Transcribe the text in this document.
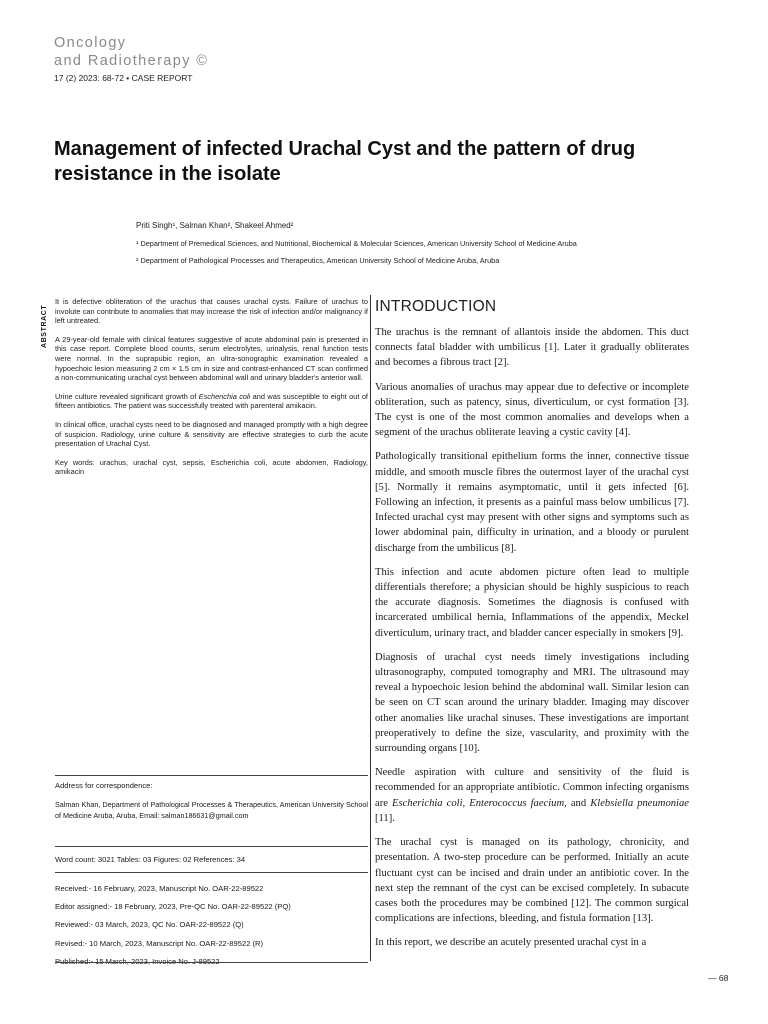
Oncology
and Radiotherapy ©
17 (2) 2023: 68-72 • CASE REPORT
Management of infected Urachal Cyst and the pattern of drug resistance in the isolate
Priti Singh¹, Salman Khan², Shakeel Ahmed²
¹ Department of Premedical Sciences, and Nutritional, Biochemical & Molecular Sciences, American University School of Medicine Aruba
² Department of Pathological Processes and Therapeutics, American University School of Medicine Aruba, Aruba
ABSTRACT

It is defective obliteration of the urachus that causes urachal cysts. Failure of urachus to involute can contribute to anomalies that may increase the risk of infection and/or malignancy if left untreated.

A 29-year-old female with clinical features suggestive of acute abdominal pain is presented in this case report. Complete blood counts, serum electrolytes, urinalysis, renal function tests were normal. In the suprapubic region, an ultra-sonographic examination revealed a hypoechoic lesion measuring 2 cm × 1.5 cm in size and contrast-enhanced CT scan confirmed a non-communicating urachal cyst between abdominal wall and urinary bladder's anterior wall.

Urine culture revealed significant growth of Escherichia coli and was susceptible to eight out of fifteen antibiotics. The patient was successfully treated with parenteral amikacin.

In clinical office, urachal cysts need to be diagnosed and managed promptly with a high degree of suspicion. Radiology, urine culture & sensitivity are effective strategies to curb the acute presentation of Urachal Cyst.

Key words: urachus, urachal cyst, sepsis, Escherichia coli, acute abdomen, Radiology, amikacin

Address for correspondence:
Salman Khan, Department of Pathological Processes & Therapeutics, American University School of Medicine Aruba, Aruba, Email: salman186631@gmail.com
Word count: 3021 Tables: 03 Figures: 02 References: 34
Received:- 16 February, 2023, Manuscript No. OAR-22-89522
Editor assigned:- 18 February, 2023, Pre-QC No. OAR-22-89522 (PQ)
Reviewed:- 03 March, 2023, QC No. OAR-22-89522 (Q)
Revised:- 10 March, 2023, Manuscript No. OAR-22-89522 (R)
INTRODUCTION

The urachus is the remnant of allantois inside the abdomen. This duct connects fatal bladder with umbilicus [1]. Later it gradually obliterates and becomes a fibrous tract [2].

Various anomalies of urachus may appear due to defective or incomplete obliteration, such as patency, sinus, diverticulum, or cyst formation [3]. The cyst is one of the most common anomalies and develops when a segment of the urachus obliterate leaving a cystic cavity [4].

Pathologically transitional epithelium forms the inner, connective tissue middle, and smooth muscle fibres the outermost layer of the urachal cyst [5]. Normally it remains asymptomatic, until it gets infected [6]. Following an infection, it presents as a painful mass below umbilicus [7]. Infected urachal cyst may present with other signs and symptoms such as lower abdominal pain, difficulty in urination, and a bloody or purulent discharge from the umbilicus [8].

This infection and acute abdomen picture often lead to multiple differentials therefore; a physician should be highly suspicious to reach the accurate diagnosis. Sometimes the diagnosis is confused with incarcerated umbilical hernia, Inflammations of the appendix, Meckel diverticulum, urinary tract, and bladder cancer especially in smokers [9].

Diagnosis of urachal cyst needs timely investigations including ultrasonography, computed tomography and MRI. The ultrasound may reveal a hypoechoic lesion behind the abdominal wall. Similar lesion can be seen on CT scan around the urinary bladder. Imaging may discover other anomalies like urachal sinuses. These investigations are important preoperatively to define the size, vascularity, and proximity with the surrounding organs [10].

Needle aspiration with culture and sensitivity of the fluid is recommended for an appropriate antibiotic. Common infecting organisms are Escherichia coli, Enterococcus faecium, and Klebsiella pneumoniae [11].

The urachal cyst is managed on its pathology, chronicity, and presentation. A two-step procedure can be performed. Initially an acute fluctuant cyst can be incised and drain under an antibiotic cover. In the next step the remnant of the cyst can be excised completely. In subacute cases both the procedures may be combined [12]. The common surgical complications are infections, bleeding, and fistula formation [13].

In this report, we describe an acutely presented urachal cyst in a

— 68
